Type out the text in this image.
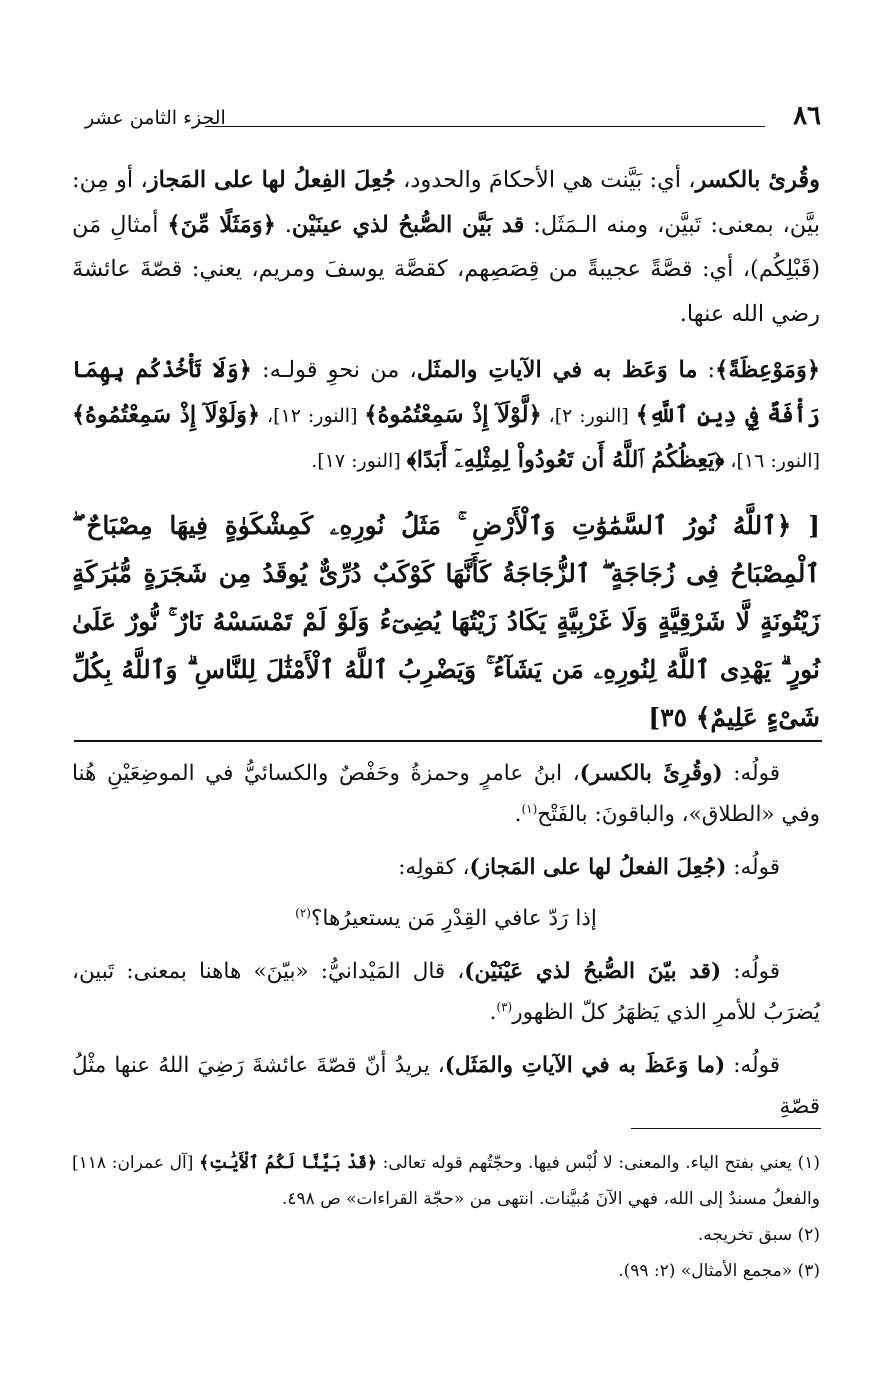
٨٦
الجزء الثامن عشر

وقُرئ بالكسر، أي: بَيَّنت هي الأحكامَ والحدود، جُعِلَ الفِعلُ لها على المَجاز، أو مِن: بيَّن، بمعنى: تَبيَّن، ومنه الـمَثَل: قد بَيَّن الصُّبحُ لذي عينَيْن. ﴿وَمَثَلًا مِّنَ﴾ أمثالِ مَن (قَبْلِكُم)، أي: قصَّةً عجيبةً من قِصَصِهم، كقصَّة يوسفَ ومريم، يعني: قصّةَ عائشةَ رضي الله عنها.

﴿وَمَوْعِظَةً﴾: ما وَعَظ به في الآياتِ والمثَل، من نحوِ قولـه: ﴿وَلَا تَأْخُذْكُم بِهِمَا رَأْفَةٌ فِي دِينِ ٱللَّهِ﴾ [النور: ٢]، ﴿لَّوْلَآ إِذْ سَمِعْتُمُوهُ﴾ [النور: ١٢]، ﴿وَلَوْلَآ إِذْ سَمِعْتُمُوهُ﴾ [النور: ١٦]، ﴿يَعِظُكُمُ ٱللَّهُ أَن تَعُودُواْ لِمِثْلِهِۦٓ أَبَدًا﴾ [النور: ١٧].

[ ﴿ٱللَّهُ نُورُ ٱلسَّمَٰوَٰتِ وَٱلْأَرْضِ ۚ مَثَلُ نُورِهِۦ كَمِشْكَوٰةٍ فِيهَا مِصْبَاحٌ ۖ ٱلْمِصْبَاحُ فِى زُجَاجَةٍ ۖ ٱلزُّجَاجَةُ كَأَنَّهَا كَوْكَبٌ دُرِّىٌّ يُوقَدُ مِن شَجَرَةٍ مُّبَٰرَكَةٍ زَيْتُونَةٍ لَّا شَرْقِيَّةٍ وَلَا غَرْبِيَّةٍ يَكَادُ زَيْتُهَا يُضِىٓءُ وَلَوْ لَمْ تَمْسَسْهُ نَارٌ ۚ نُّورٌ عَلَىٰ نُورٍ ۗ يَهْدِى ٱللَّهُ لِنُورِهِۦ مَن يَشَآءُ ۚ وَيَضْرِبُ ٱللَّهُ ٱلْأَمْثَٰلَ لِلنَّاسِ ۗ وَٱللَّهُ بِكُلِّ شَىْءٍ عَلِيمٌ﴾ ٣٥]

قولُه: (وقُرِئَ بالكسر)، ابنُ عامرٍ وحمزةُ وحَفْصٌ والكسائيُّ في الموضِعَيْنِ هُنا وفي «الطلاق»، والباقونَ: بالفَتْح$^{(١)}$.

قولُه: (جُعِلَ الفعلُ لها على المَجاز)، كقولِه:

إذا رَدّ عافي القِدْرِ مَن يستعيرُها؟$^{(٢)}$

قولُه: (قد بيّنَ الصُّبحُ لذي عَيْنَيْن)، قال المَيْدانيُّ: «بيّنَ» هاهنا بمعنى: تَبين، يُضرَبُ للأمرِ الذي يَظهَرُ كلّ الظهور$^{(٣)}$.

قولُه: (ما وَعَظَ به في الآياتِ والمَثَل)، يريدُ أنّ قصّةَ عائشةَ رَضِيَ اللهُ عنها مثْلُ قصّةِ

(١) يعني بفتح الياء. والمعنى: لا لُبْس فيها. وحجّتُهم قوله تعالى: ﴿قَدْ بَيَّنَّا لَكُمُ ٱلْأَيَٰتِ﴾ [آل عمران: ١١٨] والفعلُ مسندٌ إلى الله، فهي الآنَ مُبيَّنات. انتهى من «حجّة القراءات» ص ٤٩٨.

(٢) سبق تخريجه.

(٣) «مجمع الأمثال» (٢: ٩٩).
